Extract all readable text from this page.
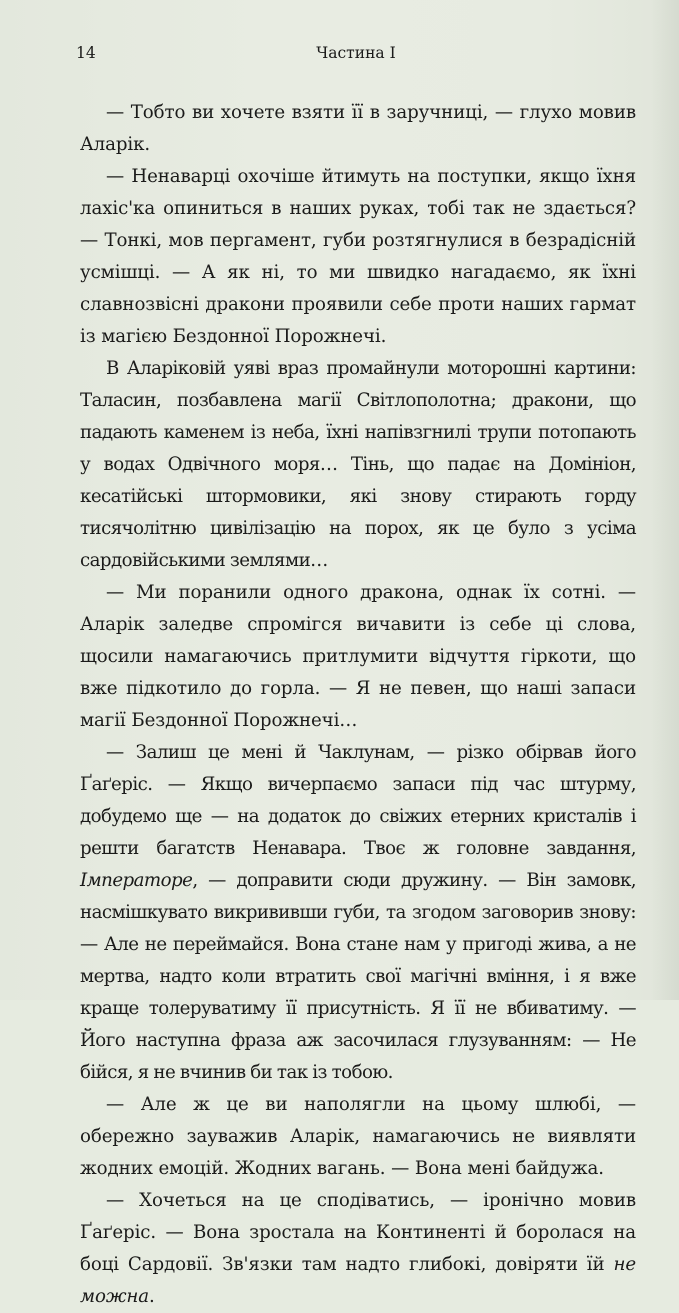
14	Частина I

— Тобто ви хочете взяти її в заручниці, — глухо мовив Аларік.

— Ненаварці охочіше йтимуть на поступки, якщо їхня лахіс'ка опиниться в наших руках, тобі так не здається? — Тонкі, мов пергамент, губи розтягнулися в безрадісній усмішці. — А як ні, то ми швидко нагадаємо, як їхні славнозвісні дракони проявили себе проти наших гармат із магією Бездонної Порожнечі.

В Аларіковій уяві враз промайнули моторошні картини: Таласин, позбавлена магії Світлополотна; дракони, що падають каменем із неба, їхні напівзгнилі трупи потопають у водах Одвічного моря… Тінь, що падає на Домініон, кесатійські штормовики, які знову стирають горду тисячолітню цивілізацію на порох, як це було з усіма сардовійськими землями…

— Ми поранили одного дракона, однак їх сотні. — Аларік заледве спромігся вичавити із себе ці слова, щосили намагаючись притлумити відчуття гіркоти, що вже підкотило до горла. — Я не певен, що наші запаси магії Бездонної Порожнечі…

— Залиш це мені й Чаклунам, — різко обірвав його Ґаґеріс. — Якщо вичерпаємо запаси під час штурму, добудемо ще — на додаток до свіжих етерних кристалів і решти багатств Ненавара. Твоє ж головне завдання, Імператоре, — доправити сюди дружину. — Він замовк, насмішкувато викрививши губи, та згодом заговорив знову: — Але не переймайся. Вона стане нам у пригоді жива, а не мертва, надто коли втратить свої магічні вміння, і я вже краще толеруватиму її присутність. Я її не вбиватиму. — Його наступна фраза аж засочилася глузуванням: — Не бійся, я не вчинив би так із тобою.

— Але ж це ви наполягли на цьому шлюбі, — обережно зауважив Аларік, намагаючись не виявляти жодних емоцій. Жодних вагань. — Вона мені байдужа.

— Хочеться на це сподіватись, — іронічно мовив Ґаґеріс. — Вона зростала на Континенті й боролася на боці Сардовії. Зв'язки там надто глибокі, довіряти їй не можна.
